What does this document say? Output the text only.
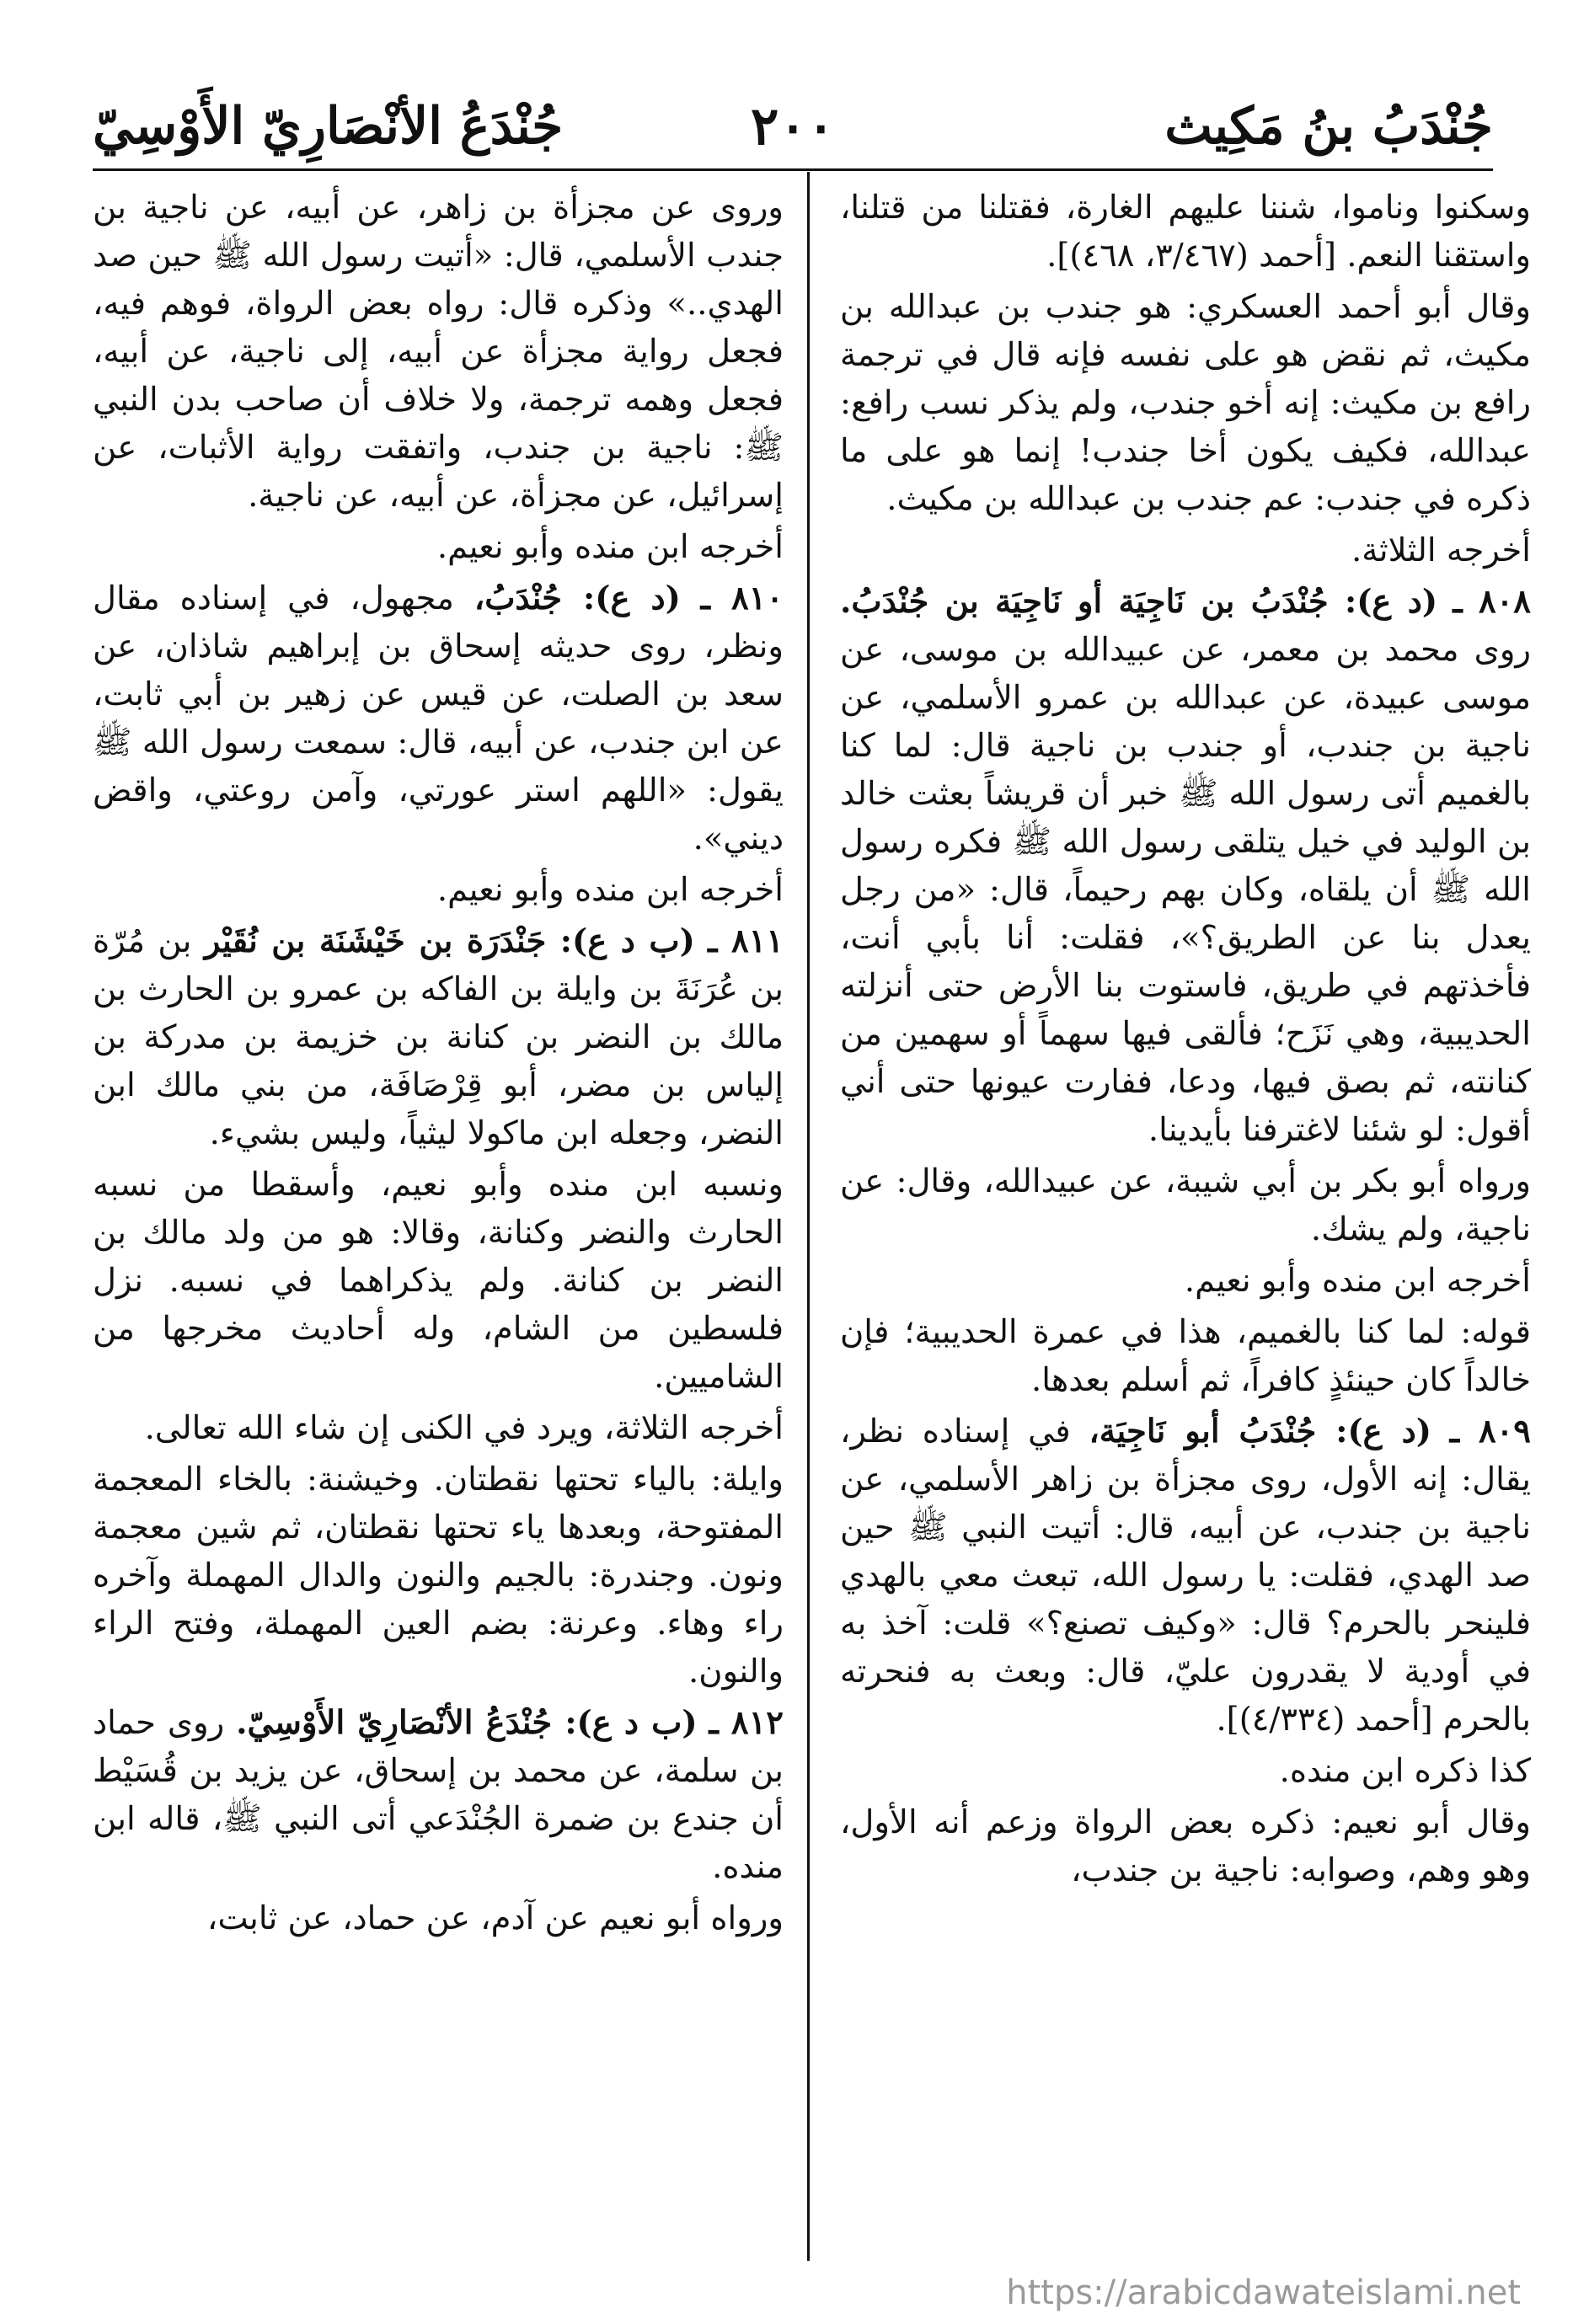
جُنْدَبُ بنُ مَكِيث
٢٠٠
جُنْدَعُ الأنْصَارِيّ الأَوْسِيّ

وسكنوا وناموا، شننا عليهم الغارة، فقتلنا من قتلنا، واستقنا النعم. [أحمد (٣/٤٦٧، ٤٦٨)].

وقال أبو أحمد العسكري: هو جندب بن عبدالله بن مكيث، ثم نقض هو على نفسه فإنه قال في ترجمة رافع بن مكيث: إنه أخو جندب، ولم يذكر نسب رافع: عبدالله، فكيف يكون أخا جندب! إنما هو على ما ذكره في جندب: عم جندب بن عبدالله بن مكيث.

أخرجه الثلاثة.

٨٠٨ ـ (د ع): جُنْدَبُ بن نَاجِيَة أو نَاجِيَة بن جُنْدَبُ. روى محمد بن معمر، عن عبيدالله بن موسى، عن موسى عبيدة، عن عبدالله بن عمرو الأسلمي، عن ناجية بن جندب، أو جندب بن ناجية قال: لما كنا بالغميم أتى رسول الله ﷺ خبر أن قريشاً بعثت خالد بن الوليد في خيل يتلقى رسول الله ﷺ فكره رسول الله ﷺ أن يلقاه، وكان بهم رحيماً، قال: «من رجل يعدل بنا عن الطريق؟»، فقلت: أنا بأبي أنت، فأخذتهم في طريق، فاستوت بنا الأرض حتى أنزلته الحديبية، وهي نَزَح؛ فألقى فيها سهماً أو سهمين من كنانته، ثم بصق فيها، ودعا، ففارت عيونها حتى أني أقول: لو شئنا لاغترفنا بأيدينا.

ورواه أبو بكر بن أبي شيبة، عن عبيدالله، وقال: عن ناجية، ولم يشك.

أخرجه ابن منده وأبو نعيم.

قوله: لما كنا بالغميم، هذا في عمرة الحديبية؛ فإن خالداً كان حينئذٍ كافراً، ثم أسلم بعدها.

٨٠٩ ـ (د ع): جُنْدَبُ أبو نَاجِيَة، في إسناده نظر، يقال: إنه الأول، روى مجزأة بن زاهر الأسلمي، عن ناجية بن جندب، عن أبيه، قال: أتيت النبي ﷺ حين صد الهدي، فقلت: يا رسول الله، تبعث معي بالهدي فلينحر بالحرم؟ قال: «وكيف تصنع؟» قلت: آخذ به في أودية لا يقدرون عليّ، قال: وبعث به فنحرته بالحرم [أحمد (٤/٣٣٤)].

كذا ذكره ابن منده.

وقال أبو نعيم: ذكره بعض الرواة وزعم أنه الأول، وهو وهم، وصوابه: ناجية بن جندب،

وروى عن مجزأة بن زاهر، عن أبيه، عن ناجية بن جندب الأسلمي، قال: «أتيت رسول الله ﷺ حين صد الهدي..» وذكره قال: رواه بعض الرواة، فوهم فيه، فجعل رواية مجزأة عن أبيه، إلى ناجية، عن أبيه، فجعل وهمه ترجمة، ولا خلاف أن صاحب بدن النبي ﷺ: ناجية بن جندب، واتفقت رواية الأثبات، عن إسرائيل، عن مجزأة، عن أبيه، عن ناجية.

أخرجه ابن منده وأبو نعيم.

٨١٠ ـ (د ع): جُنْدَبُ، مجهول، في إسناده مقال ونظر، روى حديثه إسحاق بن إبراهيم شاذان، عن سعد بن الصلت، عن قيس عن زهير بن أبي ثابت، عن ابن جندب، عن أبيه، قال: سمعت رسول الله ﷺ يقول: «اللهم استر عورتي، وآمن روعتي، واقض ديني».

أخرجه ابن منده وأبو نعيم.

٨١١ ـ (ب د ع): جَنْدَرَة بن خَيْشَنَة بن نُقَيْر بن مُرّة بن عُرَنَةَ بن وايلة بن الفاكه بن عمرو بن الحارث بن مالك بن النضر بن كنانة بن خزيمة بن مدركة بن إلياس بن مضر، أبو قِرْصَافَة، من بني مالك ابن النضر، وجعله ابن ماكولا ليثياً، وليس بشيء.

ونسبه ابن منده وأبو نعيم، وأسقطا من نسبه الحارث والنضر وكنانة، وقالا: هو من ولد مالك بن النضر بن كنانة. ولم يذكراهما في نسبه. نزل فلسطين من الشام، وله أحاديث مخرجها من الشاميين.

أخرجه الثلاثة، ويرد في الكنى إن شاء الله تعالى.

وايلة: بالياء تحتها نقطتان. وخيشنة: بالخاء المعجمة المفتوحة، وبعدها ياء تحتها نقطتان، ثم شين معجمة ونون. وجندرة: بالجيم والنون والدال المهملة وآخره راء وهاء. وعرنة: بضم العين المهملة، وفتح الراء والنون.

٨١٢ ـ (ب د ع): جُنْدَعُ الأنْصَارِيّ الأَوْسِيّ. روى حماد بن سلمة، عن محمد بن إسحاق، عن يزيد بن قُسَيْط أن جندع بن ضمرة الجُنْدَعي أتى النبي ﷺ، قاله ابن منده.

ورواه أبو نعيم عن آدم، عن حماد، عن ثابت،

https://arabicdawateislami.net
